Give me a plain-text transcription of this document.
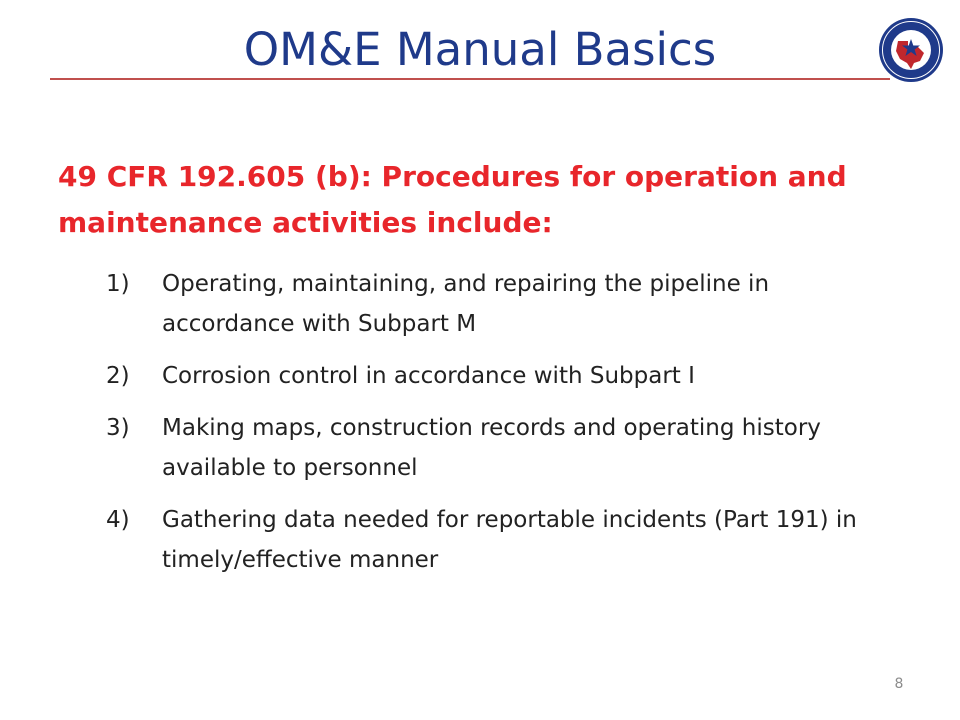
OM&E Manual Basics
49 CFR 192.605 (b): Procedures for operation and maintenance activities include:
1) Operating, maintaining, and repairing the pipeline in accordance with Subpart M
2) Corrosion control in accordance with Subpart I
3) Making maps, construction records and operating history available to personnel
4) Gathering data needed for reportable incidents (Part 191) in timely/effective manner
8
